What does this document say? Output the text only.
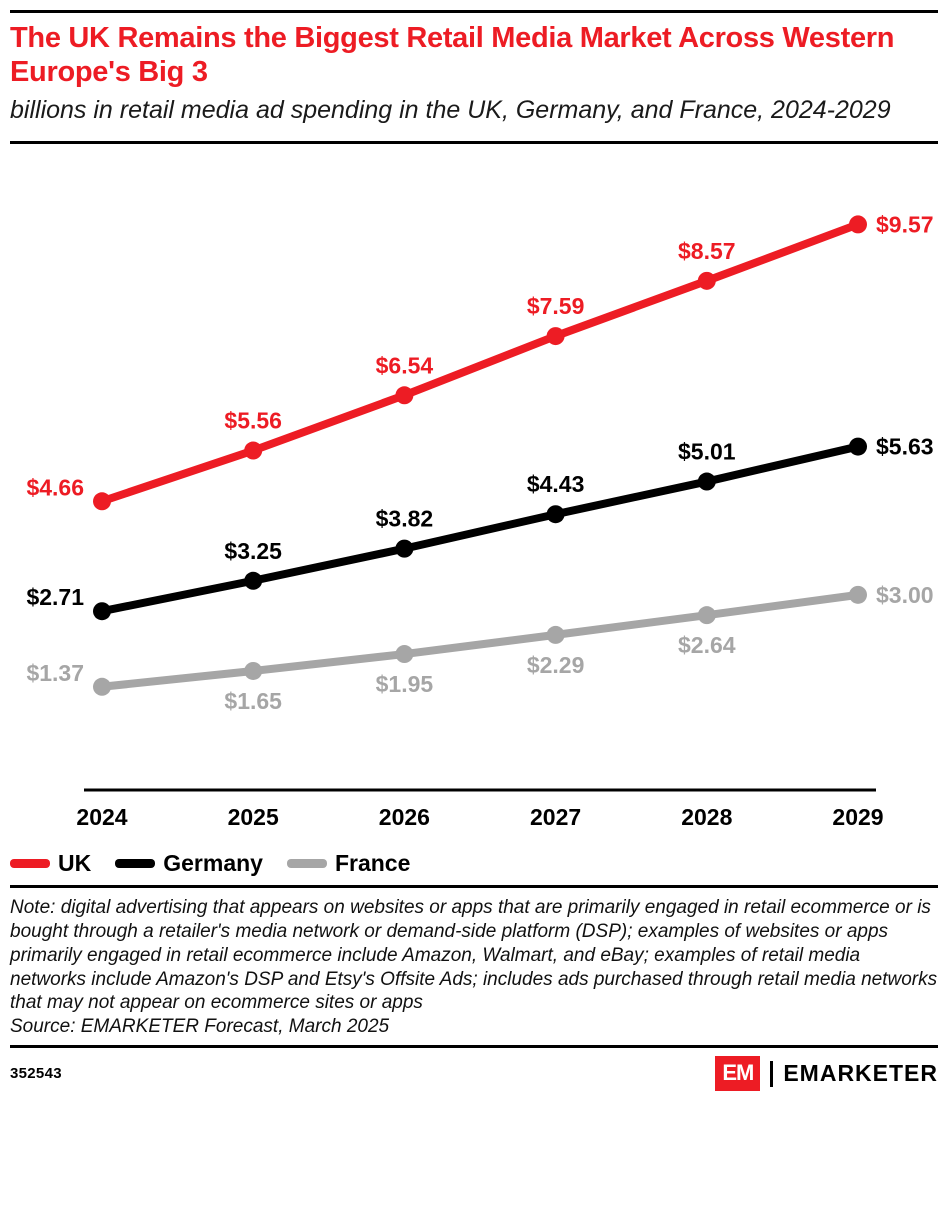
The UK Remains the Biggest Retail Media Market Across Western Europe's Big 3
billions in retail media ad spending in the UK, Germany, and France, 2024-2029
$4.66
$5.56
$6.54
$7.59
$8.57
$9.57
$2.71
$3.25
$3.82
$4.43
$5.01	$5.63
$1.37
$1.65
$1.95
$2.29
$2.64
$3.00
2024	2025	2026	2027	2028	2029
UK	Germany	France

Note: digital advertising that appears on websites or apps that are primarily engaged in retail ecommerce or is bought through a retailer's media network or demand-side platform (DSP); examples of websites or apps primarily engaged in retail ecommerce include Amazon, Walmart, and eBay; examples of retail media networks include Amazon's DSP and Etsy's Offsite Ads; includes ads purchased through retail media networks that may not appear on ecommerce sites or apps

Source: EMARKETER Forecast, March 2025

352543	EM	EMARKETER
